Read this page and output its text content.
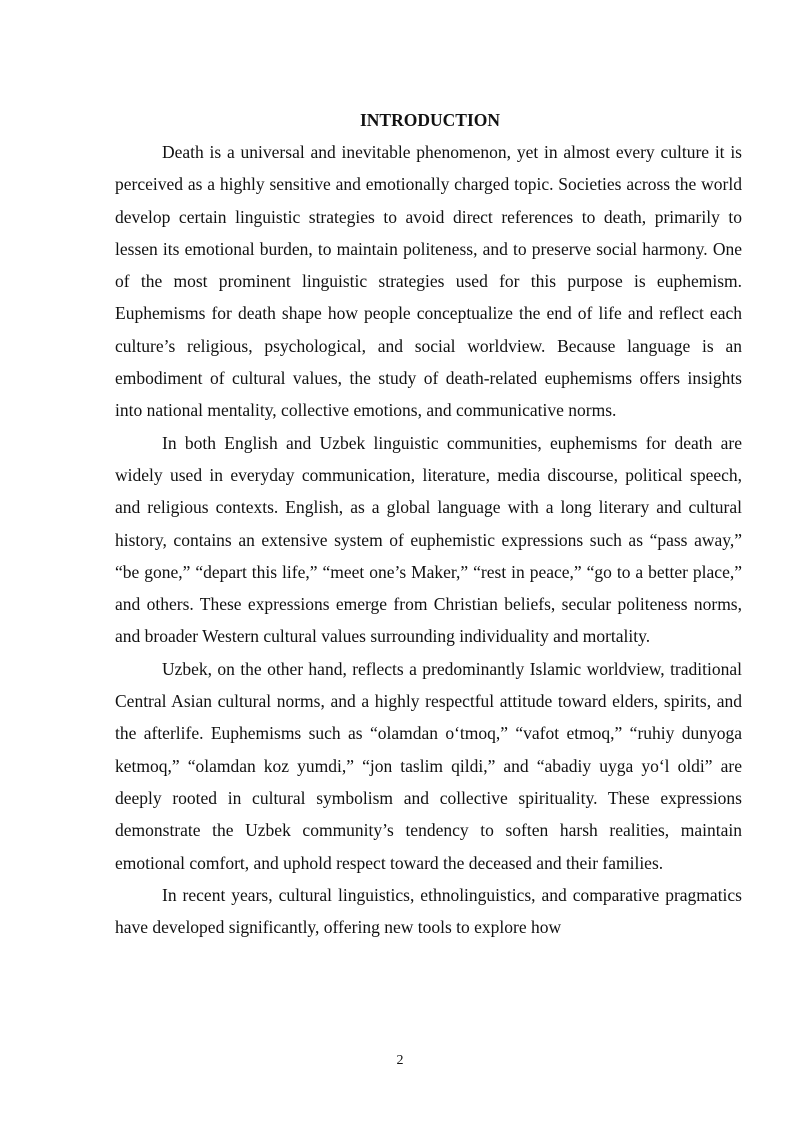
INTRODUCTION

Death is a universal and inevitable phenomenon, yet in almost every culture it is perceived as a highly sensitive and emotionally charged topic. Societies across the world develop certain linguistic strategies to avoid direct references to death, primarily to lessen its emotional burden, to maintain politeness, and to preserve social harmony. One of the most prominent linguistic strategies used for this purpose is euphemism. Euphemisms for death shape how people conceptualize the end of life and reflect each culture’s religious, psychological, and social worldview. Because language is an embodiment of cultural values, the study of death-related euphemisms offers insights into national mentality, collective emotions, and communicative norms.

In both English and Uzbek linguistic communities, euphemisms for death are widely used in everyday communication, literature, media discourse, political speech, and religious contexts. English, as a global language with a long literary and cultural history, contains an extensive system of euphemistic expressions such as “pass away,” “be gone,” “depart this life,” “meet one’s Maker,” “rest in peace,” “go to a better place,” and others. These expressions emerge from Christian beliefs, secular politeness norms, and broader Western cultural values surrounding individuality and mortality.

Uzbek, on the other hand, reflects a predominantly Islamic worldview, traditional Central Asian cultural norms, and a highly respectful attitude toward elders, spirits, and the afterlife. Euphemisms such as “olamdan o‘tmoq,” “vafot etmoq,” “ruhiy dunyoga ketmoq,” “olamdan koz yumdi,” “jon taslim qildi,” and “abadiy uyga yo‘l oldi” are deeply rooted in cultural symbolism and collective spirituality. These expressions demonstrate the Uzbek community’s tendency to soften harsh realities, maintain emotional comfort, and uphold respect toward the deceased and their families.

In recent years, cultural linguistics, ethnolinguistics, and comparative pragmatics have developed significantly, offering new tools to explore how

2
